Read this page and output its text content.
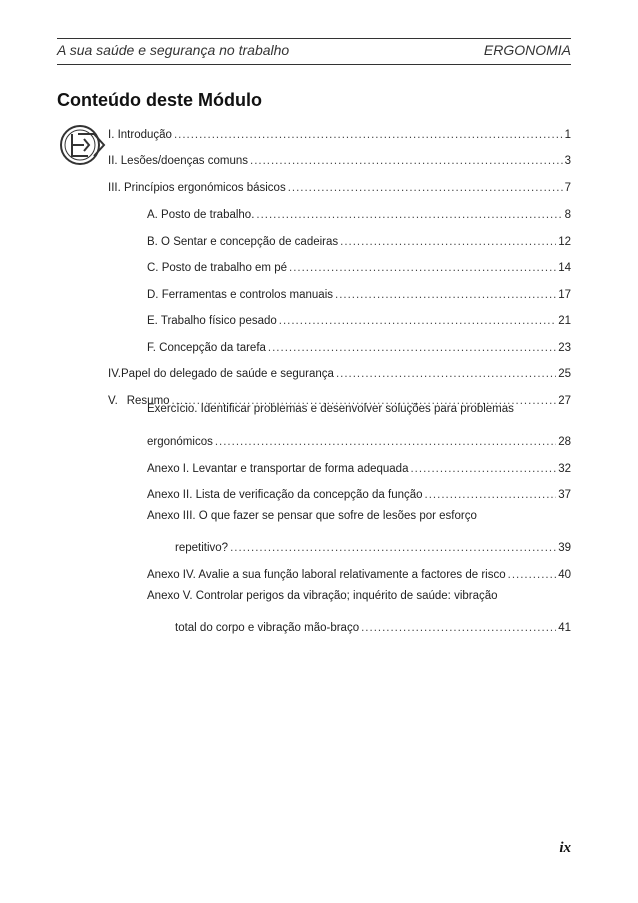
A sua saúde e segurança no trabalho	ERGONOMIA
Conteúdo deste Módulo
I. Introdução .....	1
II. Lesões/doenças comuns .....	3
III. Princípios ergonómicos básicos .....	7
A. Posto de trabalho. .....	8
B. O Sentar e concepção de cadeiras .....	12
C. Posto de trabalho em pé .....	14
D. Ferramentas e controlos manuais .....	17
E. Trabalho físico pesado .....	21
F. Concepção da tarefa .....	23
IV. Papel do delegado de saúde e segurança .....	25
V. Resumo .....	27
Exercício. Identificar problemas e desenvolver soluções para problemas
ergonómicos .....	28
Anexo I. Levantar e transportar de forma adequada .....	32
Anexo II. Lista de verificação da concepção da função .....	37
Anexo III. O que fazer se pensar que sofre de lesões por esforço
repetitivo? .....	39
Anexo IV. Avalie a sua função laboral relativamente a factores de risco .....	40
Anexo V. Controlar perigos da vibração; inquérito de saúde: vibração
total do corpo e vibração mão-braço .....	41
ix
